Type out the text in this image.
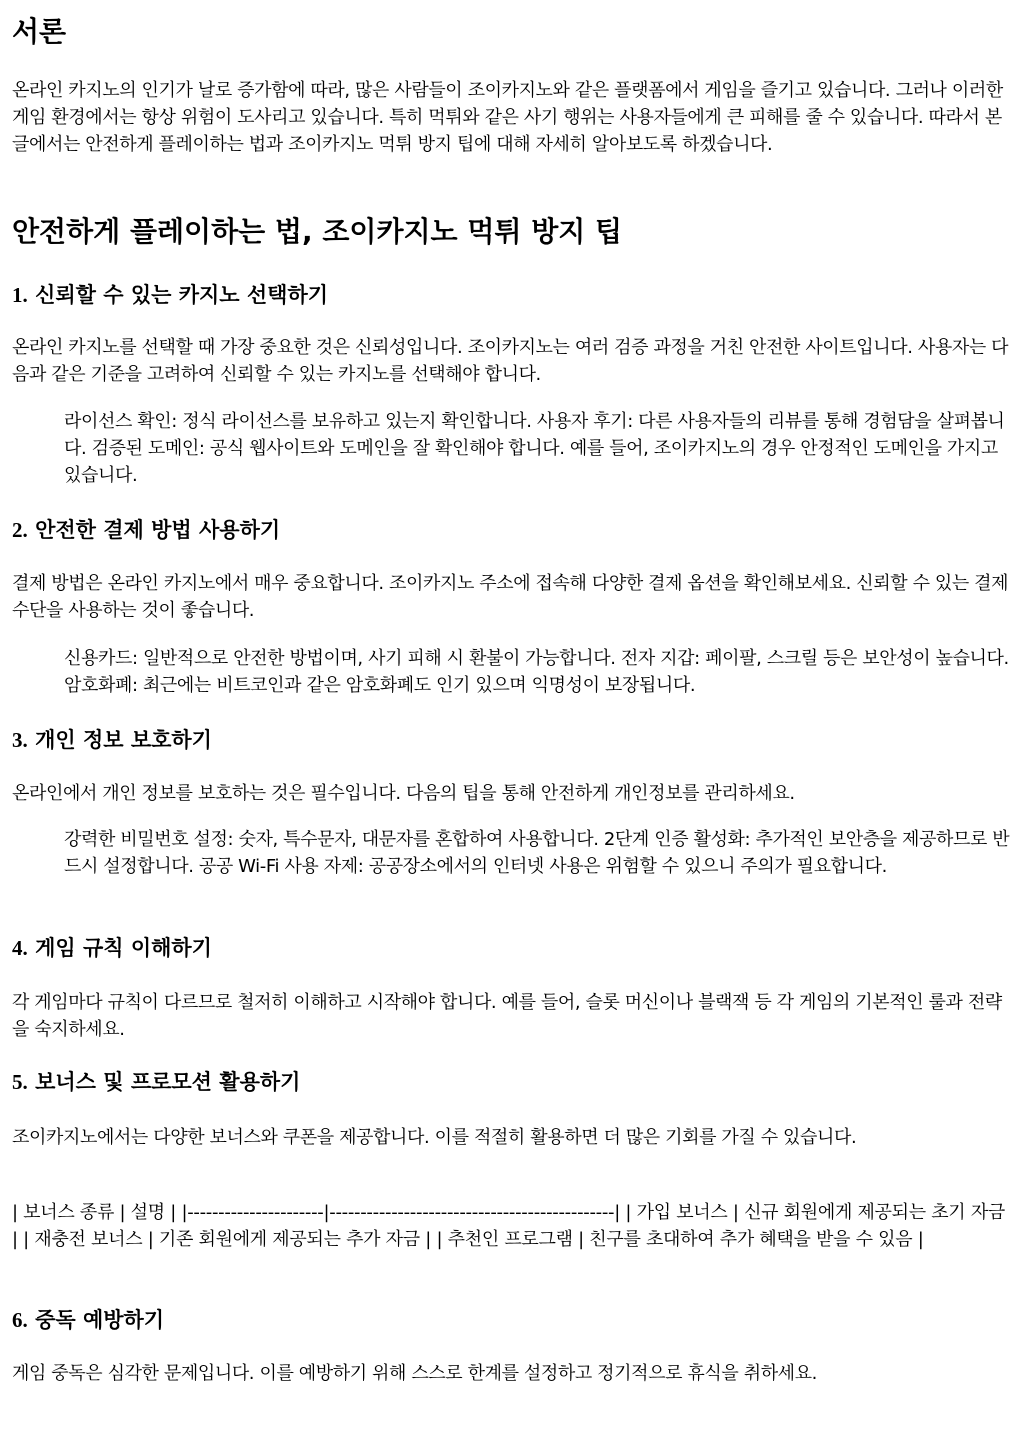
서론

온라인 카지노의 인기가 날로 증가함에 따라, 많은 사람들이 조이카지노와 같은 플랫폼에서 게임을 즐기고 있습니다. 그러나 이러한 게임 환경에서는 항상 위험이 도사리고 있습니다. 특히 먹튀와 같은 사기 행위는 사용자들에게 큰 피해를 줄 수 있습니다. 따라서 본 글에서는 안전하게 플레이하는 법과 조이카지노 먹튀 방지 팁에 대해 자세히 알아보도록 하겠습니다.

안전하게 플레이하는 법, 조이카지노 먹튀 방지 팁
1. 신뢰할 수 있는 카지노 선택하기

온라인 카지노를 선택할 때 가장 중요한 것은 신뢰성입니다. 조이카지노는 여러 검증 과정을 거친 안전한 사이트입니다. 사용자는 다음과 같은 기준을 고려하여 신뢰할 수 있는 카지노를 선택해야 합니다.

라이선스 확인: 정식 라이선스를 보유하고 있는지 확인합니다. 사용자 후기: 다른 사용자들의 리뷰를 통해 경험담을 살펴봅니다. 검증된 도메인: 공식 웹사이트와 도메인을 잘 확인해야 합니다. 예를 들어, 조이카지노의 경우 안정적인 도메인을 가지고 있습니다.
2. 안전한 결제 방법 사용하기

결제 방법은 온라인 카지노에서 매우 중요합니다. 조이카지노 주소에 접속해 다양한 결제 옵션을 확인해보세요. 신뢰할 수 있는 결제 수단을 사용하는 것이 좋습니다.

신용카드: 일반적으로 안전한 방법이며, 사기 피해 시 환불이 가능합니다. 전자 지갑: 페이팔, 스크릴 등은 보안성이 높습니다. 암호화폐: 최근에는 비트코인과 같은 암호화폐도 인기 있으며 익명성이 보장됩니다.
3. 개인 정보 보호하기

온라인에서 개인 정보를 보호하는 것은 필수입니다. 다음의 팁을 통해 안전하게 개인정보를 관리하세요.

강력한 비밀번호 설정: 숫자, 특수문자, 대문자를 혼합하여 사용합니다. 2단계 인증 활성화: 추가적인 보안층을 제공하므로 반드시 설정합니다. 공공 Wi-Fi 사용 자제: 공공장소에서의 인터넷 사용은 위험할 수 있으니 주의가 필요합니다.
4. 게임 규칙 이해하기

각 게임마다 규칙이 다르므로 철저히 이해하고 시작해야 합니다. 예를 들어, 슬롯 머신이나 블랙잭 등 각 게임의 기본적인 룰과 전략을 숙지하세요.

5. 보너스 및 프로모션 활용하기

조이카지노에서는 다양한 보너스와 쿠폰을 제공합니다. 이를 적절히 활용하면 더 많은 기회를 가질 수 있습니다.

| 보너스 종류 | 설명 | |----------------------|----------------------------------------------| | 가입 보너스 | 신규 회원에게 제공되는 초기 자금 | | 재충전 보너스 | 기존 회원에게 제공되는 추가 자금 | | 추천인 프로그램 | 친구를 초대하여 추가 혜택을 받을 수 있음 |

6. 중독 예방하기

게임 중독은 심각한 문제입니다. 이를 예방하기 위해 스스로 한계를 설정하고 정기적으로 휴식을 취하세요.
